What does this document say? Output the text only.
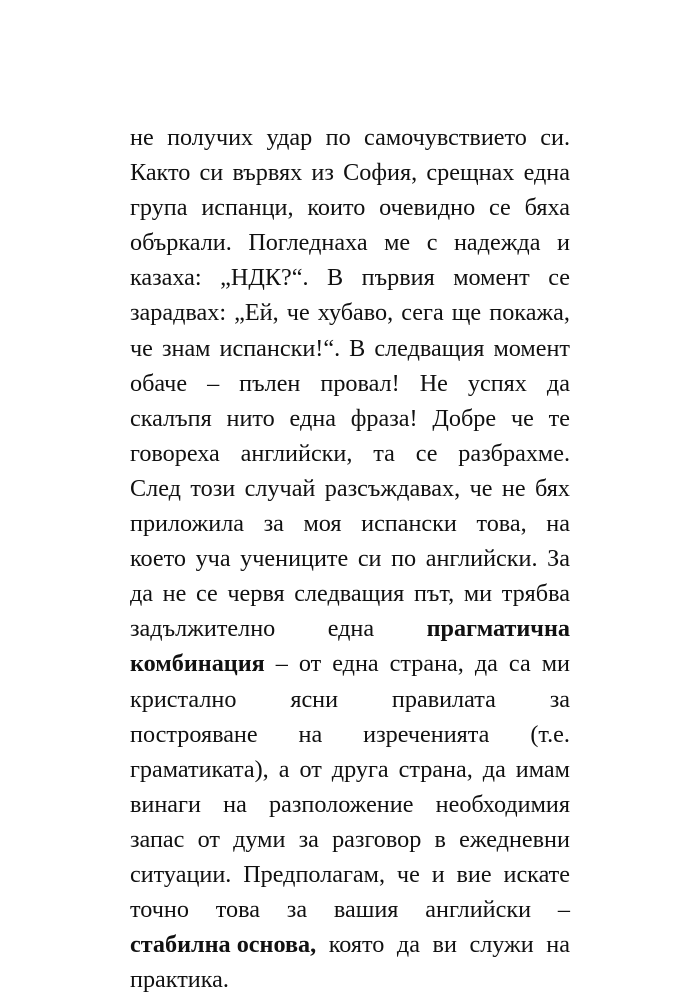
не получих удар по самочувствието си.
Както си вървях из София, срещнах една
група испанци, които очевидно се бяха
объркали. Погледнаха ме с надежда и
казаха: „НДК?“. В първия момент се
зарадвах: „Ей, че хубаво, сега ще покажа,
че знам испански!“. В следващия момент
обаче – пълен провал! Не успях да
скалъпя нито една фраза! Добре че те
говореха английски, та се разбрахме.
След този случай разсъждавах, че не бях
приложила за моя испански това, на
което уча учениците си по английски. За
да не се червя следващия път, ми трябва
задължително една прагматична
комбинация – от една страна, да са ми
кристално ясни правилата за
построяване на изреченията (т.е.
граматиката), а от друга страна, да имам
винаги на разположение необходимия
запас от думи за разговор в ежедневни
ситуации. Предполагам, че и вие искате
точно това за вашия английски –
стабилна основа, която да ви служи на
практика.
